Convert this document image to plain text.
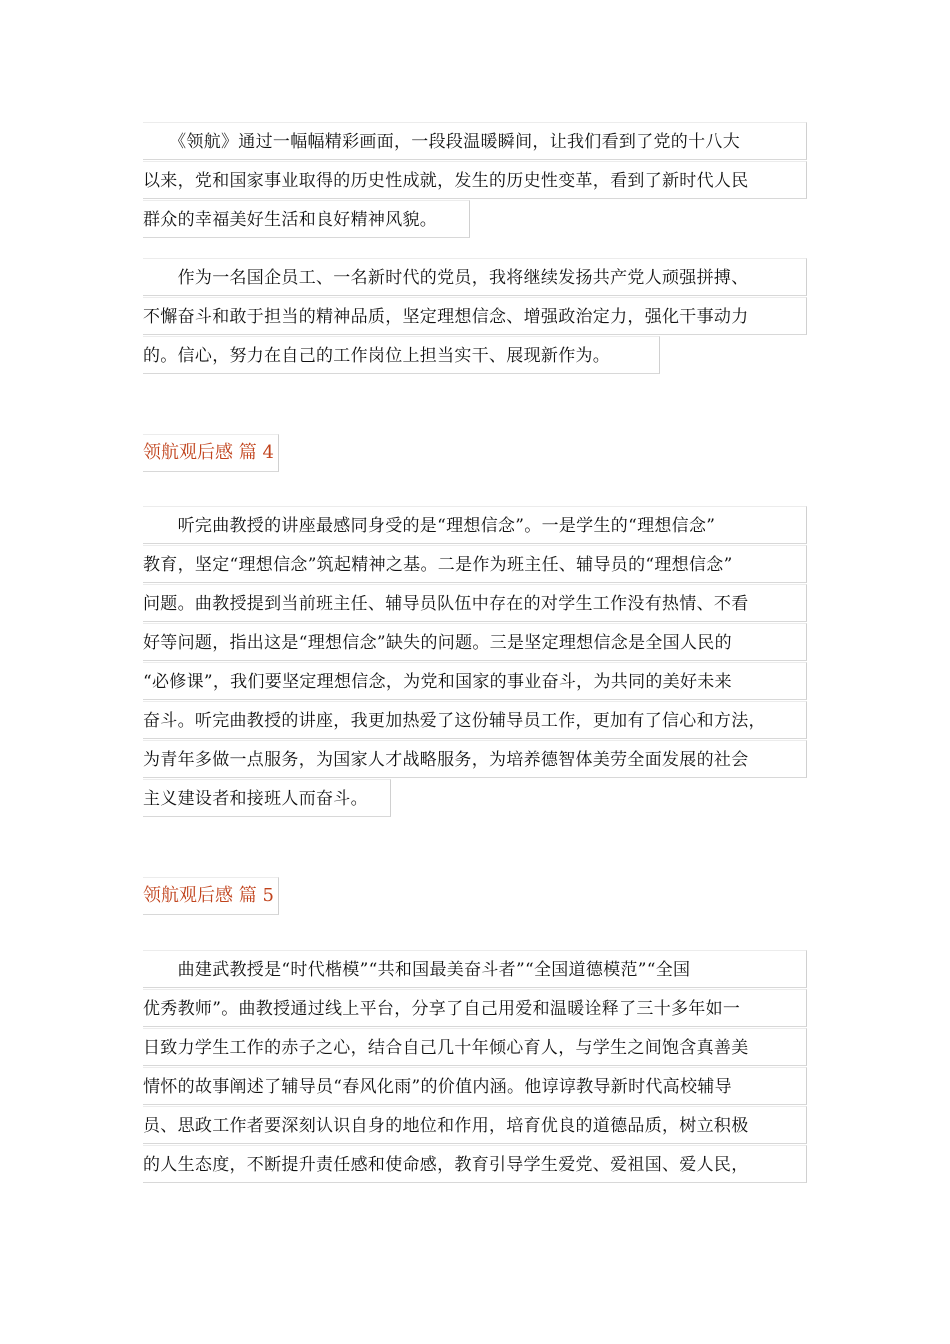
　　《领航》通过一幅幅精彩画面，一段段温暖瞬间，让我们看到了党的十八大
以来，党和国家事业取得的历史性成就，发生的历史性变革，看到了新时代人民
群众的幸福美好生活和良好精神风貌。
　　作为一名国企员工、一名新时代的党员，我将继续发扬共产党人顽强拼搏、
不懈奋斗和敢于担当的精神品质，坚定理想信念、增强政治定力，强化干事动力
的。信心，努力在自己的工作岗位上担当实干、展现新作为。
领航观后感 篇 4
　　听完曲教授的讲座最感同身受的是“理想信念”。一是学生的“理想信念”
教育，坚定“理想信念”筑起精神之基。二是作为班主任、辅导员的“理想信念”
问题。曲教授提到当前班主任、辅导员队伍中存在的对学生工作没有热情、不看
好等问题，指出这是“理想信念”缺失的问题。三是坚定理想信念是全国人民的
“必修课”，我们要坚定理想信念，为党和国家的事业奋斗，为共同的美好未来
奋斗。听完曲教授的讲座，我更加热爱了这份辅导员工作，更加有了信心和方法，
为青年多做一点服务，为国家人才战略服务，为培养德智体美劳全面发展的社会
主义建设者和接班人而奋斗。
领航观后感 篇 5
　　曲建武教授是“时代楷模”“共和国最美奋斗者”“全国道德模范”“全国
优秀教师”。曲教授通过线上平台，分享了自己用爱和温暖诠释了三十多年如一
日致力学生工作的赤子之心，结合自己几十年倾心育人，与学生之间饱含真善美
情怀的故事阐述了辅导员“春风化雨”的价值内涵。他谆谆教导新时代高校辅导
员、思政工作者要深刻认识自身的地位和作用，培育优良的道德品质，树立积极
的人生态度，不断提升责任感和使命感，教育引导学生爱党、爱祖国、爱人民，
